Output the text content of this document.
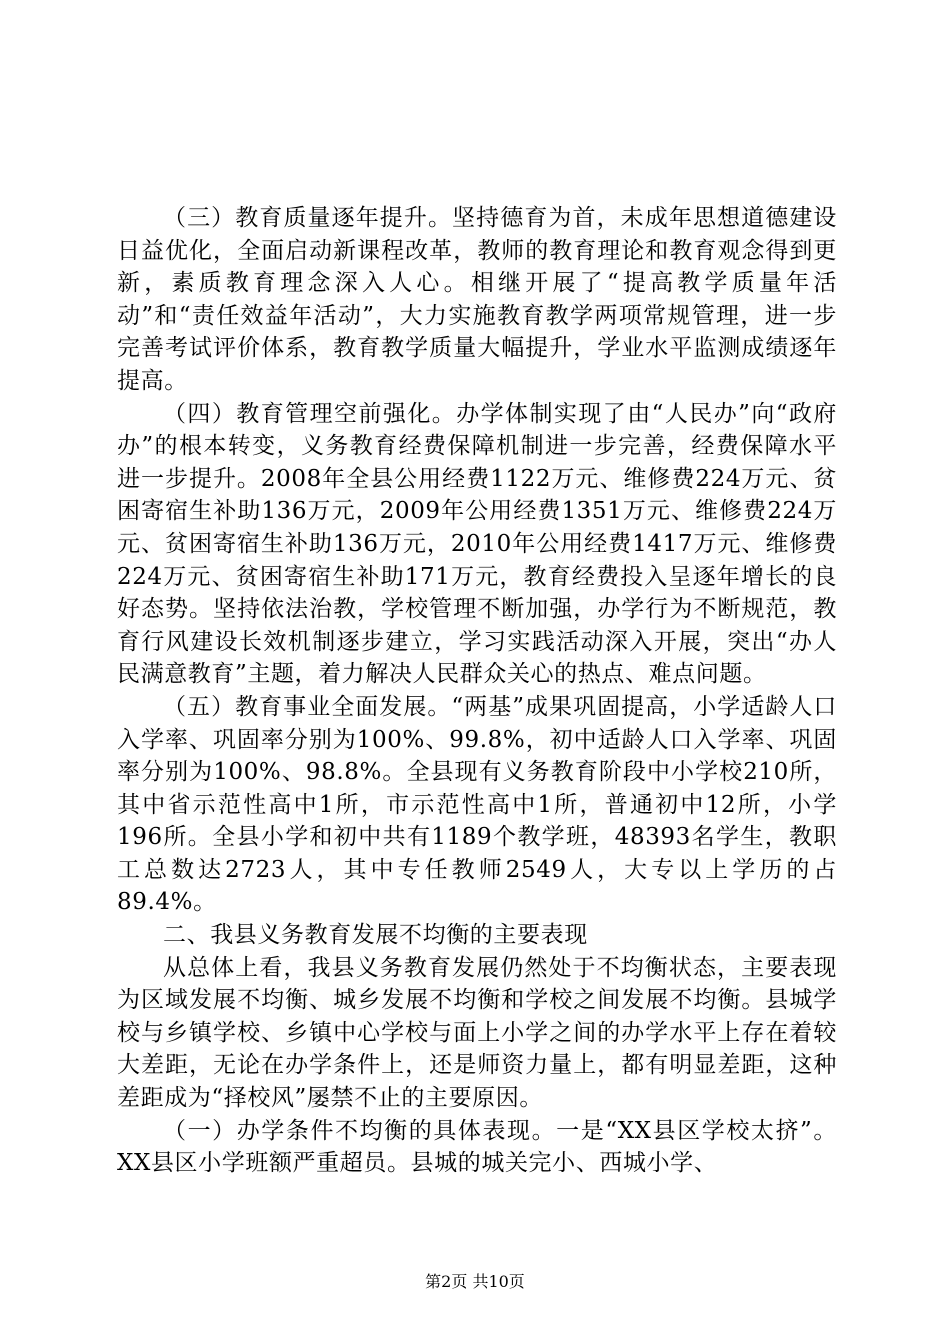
（三）教育质量逐年提升。坚持德育为首，未成年思想道德建设日益优化，全面启动新课程改革，教师的教育理论和教育观念得到更新，素质教育理念深入人心。相继开展了“提高教学质量年活动”和“责任效益年活动”，大力实施教育教学两项常规管理，进一步完善考试评价体系，教育教学质量大幅提升，学业水平监测成绩逐年提高。

（四）教育管理空前强化。办学体制实现了由“人民办”向“政府办”的根本转变，义务教育经费保障机制进一步完善，经费保障水平进一步提升。2008年全县公用经费1122万元、维修费224万元、贫困寄宿生补助136万元，2009年公用经费1351万元、维修费224万元、贫困寄宿生补助136万元，2010年公用经费1417万元、维修费224万元、贫困寄宿生补助171万元，教育经费投入呈逐年增长的良好态势。坚持依法治教，学校管理不断加强，办学行为不断规范，教育行风建设长效机制逐步建立，学习实践活动深入开展，突出“办人民满意教育”主题，着力解决人民群众关心的热点、难点问题。

（五）教育事业全面发展。“两基”成果巩固提高，小学适龄人口入学率、巩固率分别为100%、99.8%，初中适龄人口入学率、巩固率分别为100%、98.8%。全县现有义务教育阶段中小学校210所，其中省示范性高中1所，市示范性高中1所，普通初中12所，小学196所。全县小学和初中共有1189个教学班，48393名学生，教职工总数达2723人，其中专任教师2549人，大专以上学历的占89.4%。

二、我县义务教育发展不均衡的主要表现

从总体上看，我县义务教育发展仍然处于不均衡状态，主要表现为区域发展不均衡、城乡发展不均衡和学校之间发展不均衡。县城学校与乡镇学校、乡镇中心学校与面上小学之间的办学水平上存在着较大差距，无论在办学条件上，还是师资力量上，都有明显差距，这种差距成为“择校风”屡禁不止的主要原因。

（一）办学条件不均衡的具体表现。一是“XX县区学校太挤”。XX县区小学班额严重超员。县城的城关完小、西城小学、

第2页 共10页
